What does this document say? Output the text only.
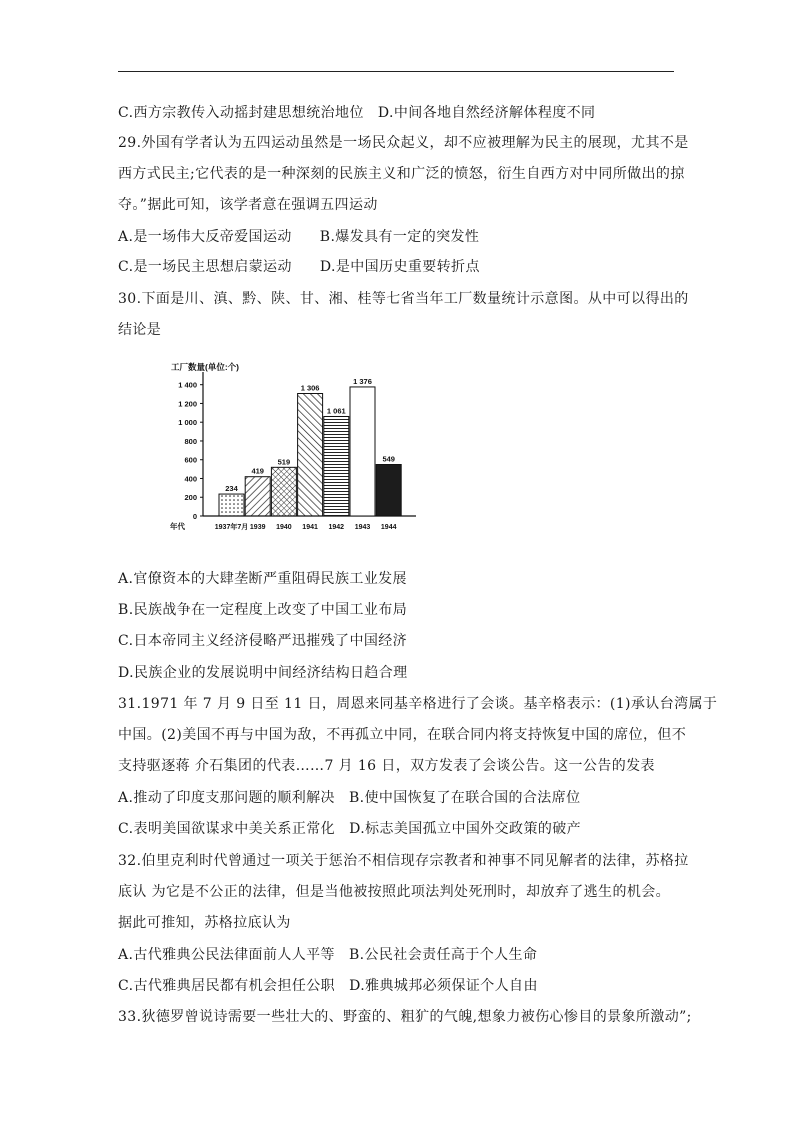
C.西方宗教传入动摇封建思想统治地位 D.中间各地自然经济解体程度不同
29.外国有学者认为五四运动虽然是一场民众起义，却不应被理解为民主的展现，尤其不是
西方式民主;它代表的是一种深刻的民族主义和广泛的愤怒，衍生自西方对中同所做出的掠
夺。”据此可知，该学者意在强调五四运动
A.是一场伟大反帝爱国运动 B.爆发具有一定的突发性
C.是一场民主思想启蒙运动 D.是中国历史重要转折点
30.下面是川、滇、黔、陕、甘、湘、桂等七省当年工厂数量统计示意图。从中可以得出的
结论是
0
200
400
600
800
1 000
1 200
1 400
工厂数量(单位:个)
年代
234
1937年7月
419
1939
519
1940
1 306
1941
1 061
1942
1 376
1943
549
1944
A.官僚资本的大肆垄断严重阻碍民族工业发展
B.民族战争在一定程度上改变了中国工业布局
C.日本帝同主义经济侵略严迅摧残了中国经济
D.民族企业的发展说明中间经济结构日趋合理
31.1971 年 7 月 9 日至 11 日，周恩来同基辛格进行了会谈。基辛格表示：(1)承认台湾属于
中国。(2)美国不再与中国为敌，不再孤立中同，在联合同内将支持恢复中国的席位，但不
支持驱逐蒋 介石集团的代表……7 月 16 日，双方发表了会谈公告。这一公告的发表
A.推动了印度支那问题的顺利解决 B.使中国恢复了在联合国的合法席位
C.表明美国欲谋求中美关系正常化 D.标志美国孤立中国外交政策的破产
32.伯里克利时代曾通过一项关于惩治不相信现存宗教者和神事不同见解者的法律，苏格拉
底认 为它是不公正的法律，但是当他被按照此项法判处死刑时，却放弃了逃生的机会。
据此可推知，苏格拉底认为
A.古代雅典公民法律面前人人平等 B.公民社会责任高于个人生命
C.古代雅典居民都有机会担任公职 D.雅典城邦必须保证个人自由
33.狄德罗曾说诗需要一些壮大的、野蛮的、粗犷的气魄,想象力被伤心惨目的景象所激动”;
